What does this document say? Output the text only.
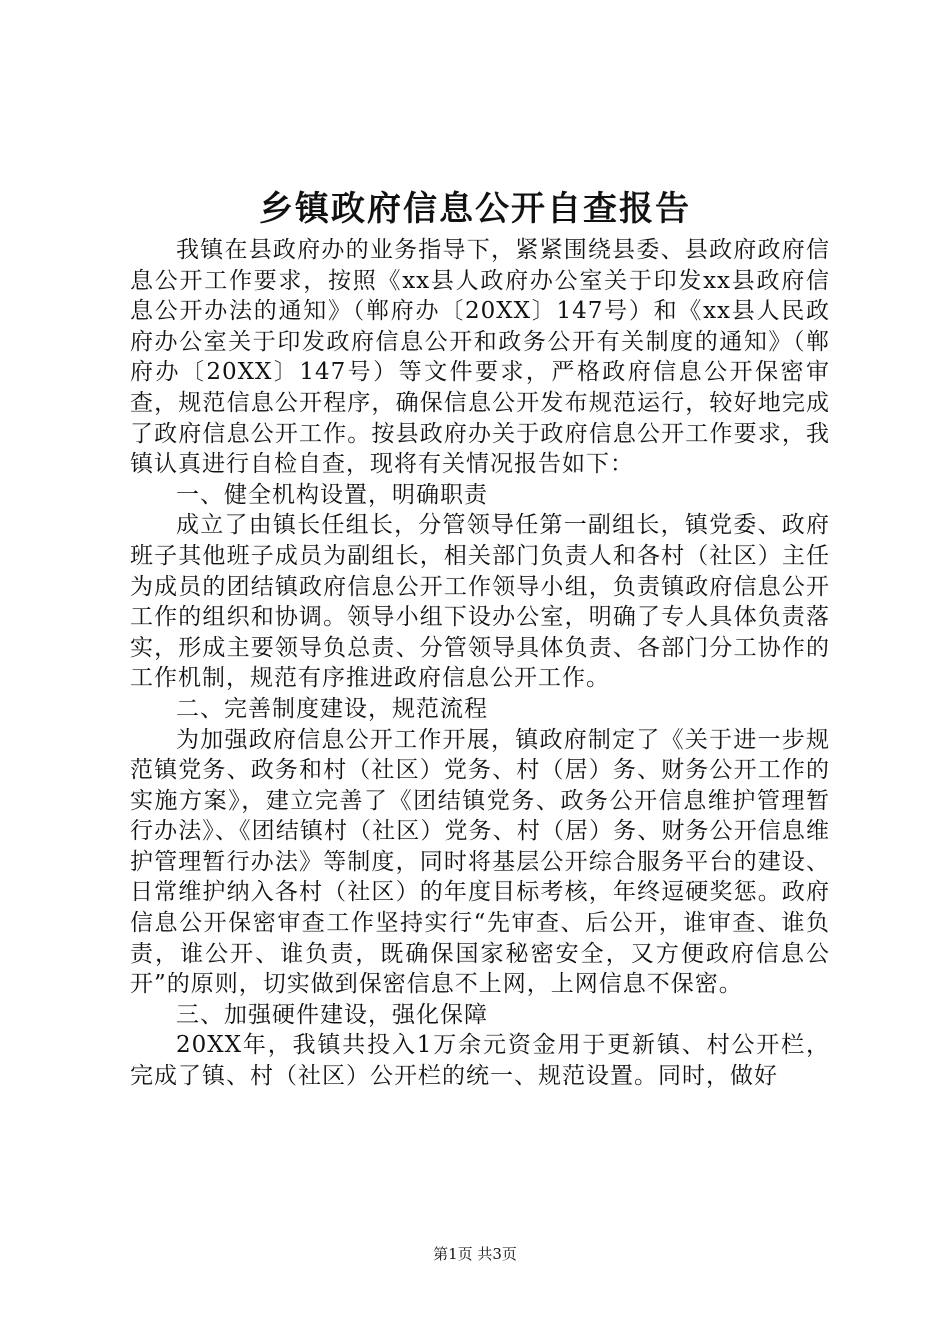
乡镇政府信息公开自查报告

我镇在县政府办的业务指导下，紧紧围绕县委、县政府政府信息公开工作要求，按照《xx县人政府办公室关于印发xx县政府信息公开办法的通知》（郸府办〔20XX〕147号）和《xx县人民政府办公室关于印发政府信息公开和政务公开有关制度的通知》（郸府办〔20XX〕147号）等文件要求，严格政府信息公开保密审查，规范信息公开程序，确保信息公开发布规范运行，较好地完成了政府信息公开工作。按县政府办关于政府信息公开工作要求，我镇认真进行自检自查，现将有关情况报告如下：

一、健全机构设置，明确职责

成立了由镇长任组长，分管领导任第一副组长，镇党委、政府班子其他班子成员为副组长，相关部门负责人和各村（社区）主任为成员的团结镇政府信息公开工作领导小组，负责镇政府信息公开工作的组织和协调。领导小组下设办公室，明确了专人具体负责落实，形成主要领导负总责、分管领导具体负责、各部门分工协作的工作机制，规范有序推进政府信息公开工作。

二、完善制度建设，规范流程

为加强政府信息公开工作开展，镇政府制定了《关于进一步规范镇党务、政务和村（社区）党务、村（居）务、财务公开工作的实施方案》，建立完善了《团结镇党务、政务公开信息维护管理暂行办法》、《团结镇村（社区）党务、村（居）务、财务公开信息维护管理暂行办法》等制度，同时将基层公开综合服务平台的建设、日常维护纳入各村（社区）的年度目标考核，年终逗硬奖惩。政府信息公开保密审查工作坚持实行“先审查、后公开，谁审查、谁负责，谁公开、谁负责，既确保国家秘密安全，又方便政府信息公开”的原则，切实做到保密信息不上网，上网信息不保密。

三、加强硬件建设，强化保障

20XX年，我镇共投入1万余元资金用于更新镇、村公开栏，完成了镇、村（社区）公开栏的统一、规范设置。同时，做好

第1页 共3页
